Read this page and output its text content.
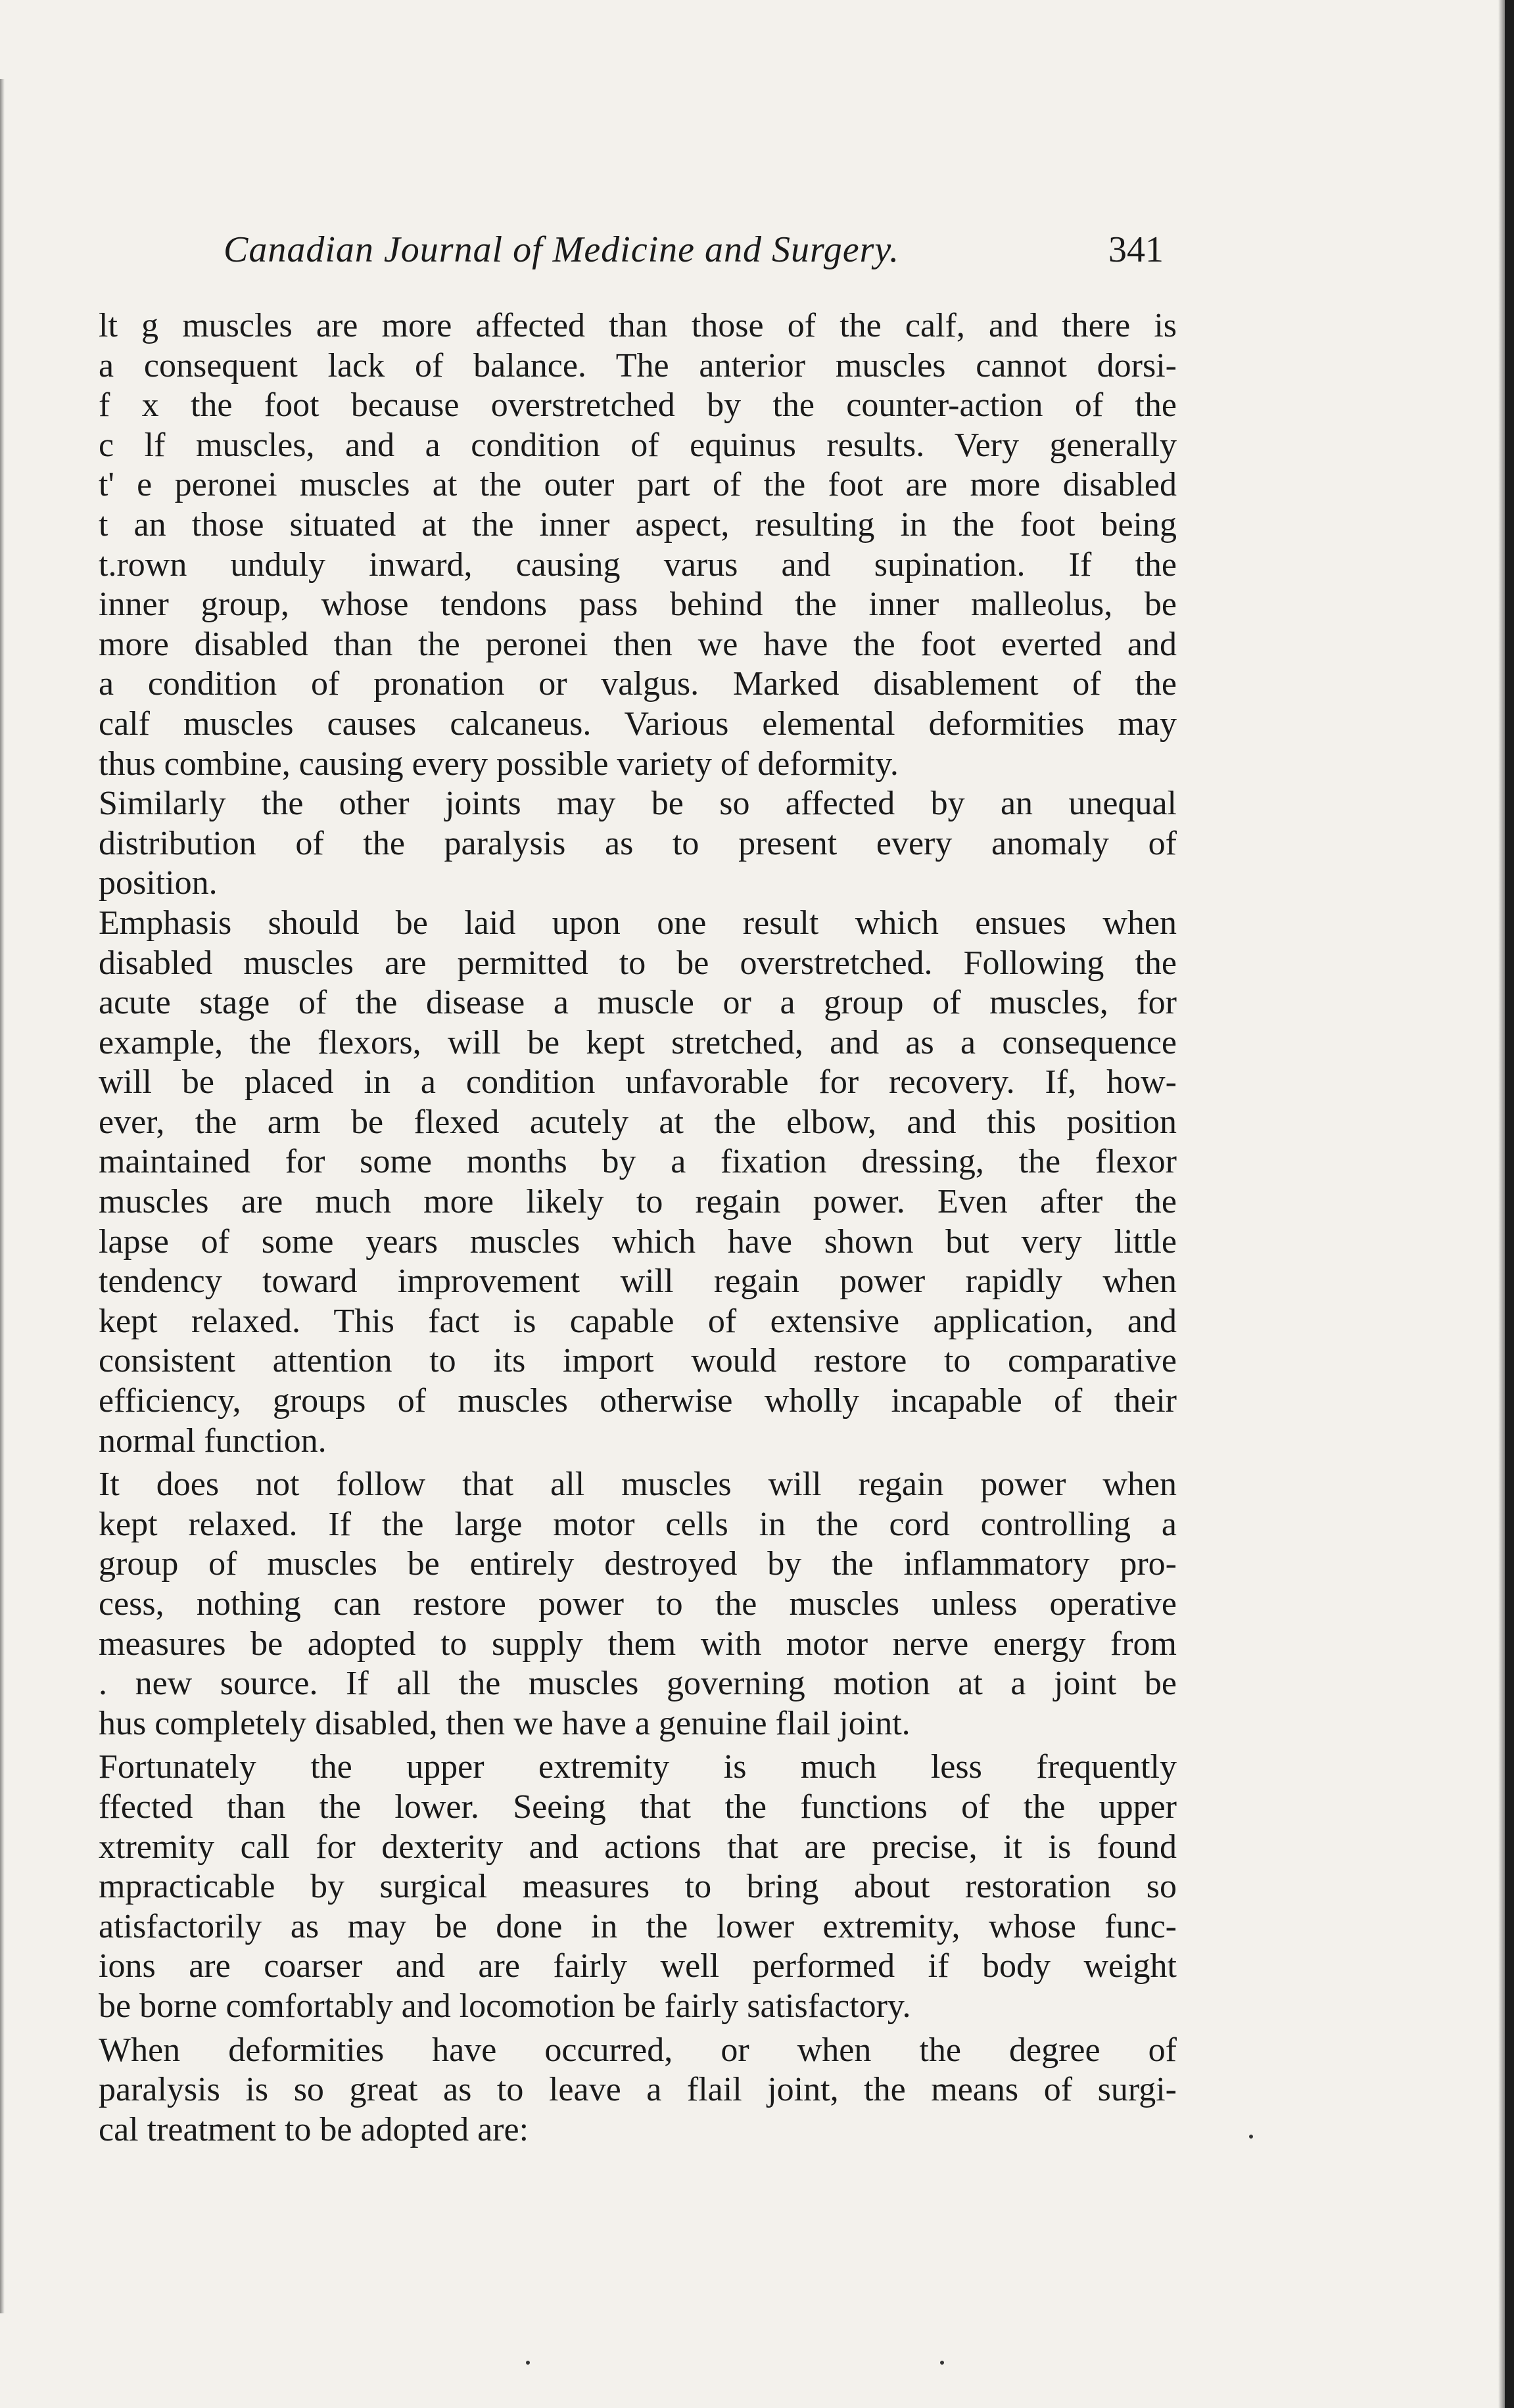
Canadian Journal of Medicine and Surgery.	341
lt g muscles are more affected than those of the calf, and there is
a consequent lack of balance. The anterior muscles cannot dorsi-
f x the foot because overstretched by the counter-action of the
c lf muscles, and a condition of equinus results. Very generally
t' e peronei muscles at the outer part of the foot are more disabled
t an those situated at the inner aspect, resulting in the foot being
t.rown unduly inward, causing varus and supination. If the
inner group, whose tendons pass behind the inner malleolus, be
more disabled than the peronei then we have the foot everted and
a condition of pronation or valgus. Marked disablement of the
calf muscles causes calcaneus. Various elemental deformities may
thus combine, causing every possible variety of deformity.
Similarly the other joints may be so affected by an unequal
distribution of the paralysis as to present every anomaly of
position.
Emphasis should be laid upon one result which ensues when
disabled muscles are permitted to be overstretched. Following the
acute stage of the disease a muscle or a group of muscles, for
example, the flexors, will be kept stretched, and as a consequence
will be placed in a condition unfavorable for recovery. If, how-
ever, the arm be flexed acutely at the elbow, and this position
maintained for some months by a fixation dressing, the flexor
muscles are much more likely to regain power. Even after the
lapse of some years muscles which have shown but very little
tendency toward improvement will regain power rapidly when
kept relaxed. This fact is capable of extensive application, and
consistent attention to its import would restore to comparative
efficiency, groups of muscles otherwise wholly incapable of their
normal function.
It does not follow that all muscles will regain power when
kept relaxed. If the large motor cells in the cord controlling a
group of muscles be entirely destroyed by the inflammatory pro-
cess, nothing can restore power to the muscles unless operative
measures be adopted to supply them with motor nerve energy from
. new source. If all the muscles governing motion at a joint be
hus completely disabled, then we have a genuine flail joint.
Fortunately the upper extremity is much less frequently
ffected than the lower. Seeing that the functions of the upper
xtremity call for dexterity and actions that are precise, it is found
mpracticable by surgical measures to bring about restoration so
atisfactorily as may be done in the lower extremity, whose func-
ions are coarser and are fairly well performed if body weight
be borne comfortably and locomotion be fairly satisfactory.
When deformities have occurred, or when the degree of
paralysis is so great as to leave a flail joint, the means of surgi-
cal treatment to be adopted are:
